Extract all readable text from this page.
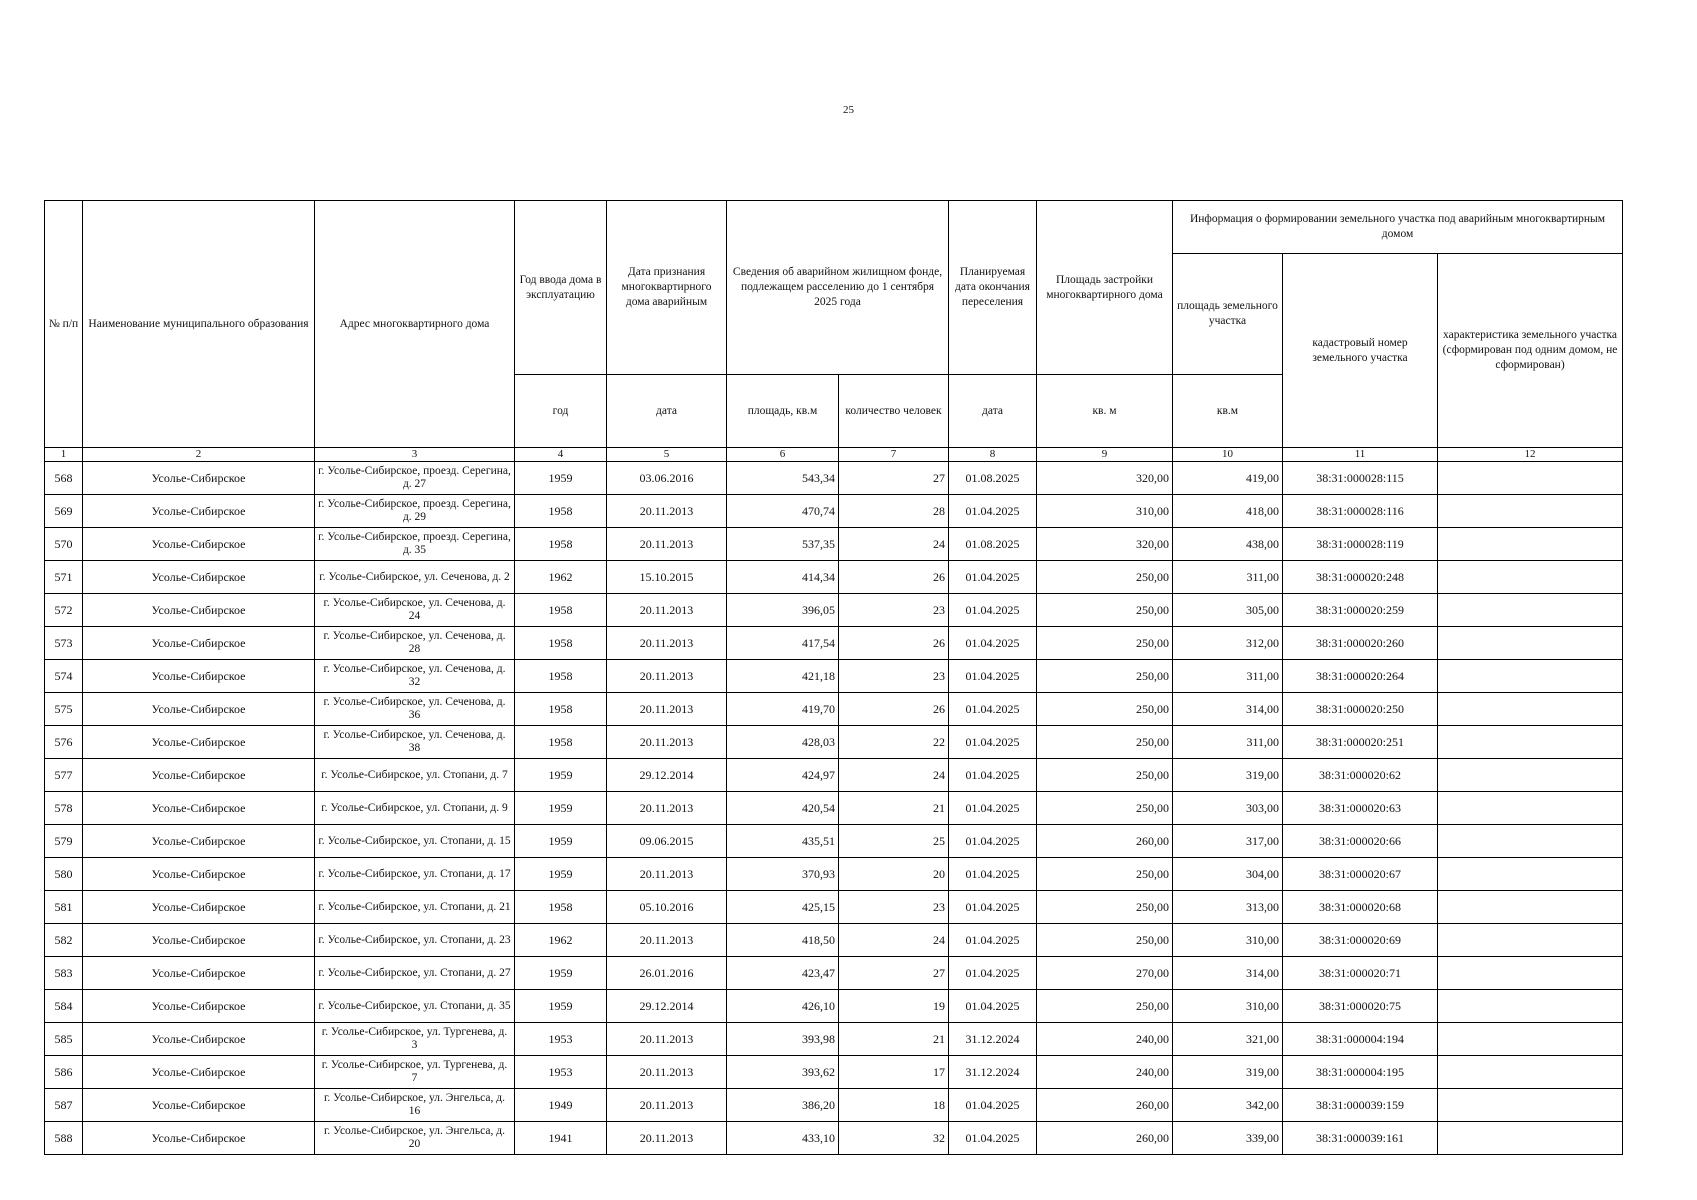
25
№ п/п	Наименование муниципального образования	Адрес многоквартирного дома	Год ввода дома в эксплуатацию	Дата признания многоквартирного дома аварийным	Сведения об аварийном жилищном фонде, подлежащем расселению до 1 сентября 2025 года		Планируемая дата окончания переселения	Площадь застройки многоквартирного дома	Информация о формировании земельного участка под аварийным многоквартирным домом		
									площадь земельного участка	кадастровый номер земельного участка	характеристика земельного участка (сформирован под одним домом, не сформирован)
			год	дата	площадь, кв.м	количество человек	дата	кв. м	кв.м		
1	2	3	4	5	6	7	8	9	10	11	12
568	Усолье-Сибирское	г. Усолье-Сибирское, проезд. Серегина, д. 27	1959	03.06.2016	543,34	27	01.08.2025	320,00	419,00	38:31:000028:115	
569	Усолье-Сибирское	г. Усолье-Сибирское, проезд. Серегина, д. 29	1958	20.11.2013	470,74	28	01.04.2025	310,00	418,00	38:31:000028:116	
570	Усолье-Сибирское	г. Усолье-Сибирское, проезд. Серегина, д. 35	1958	20.11.2013	537,35	24	01.08.2025	320,00	438,00	38:31:000028:119	
571	Усолье-Сибирское	г. Усолье-Сибирское, ул. Сеченова, д. 2	1962	15.10.2015	414,34	26	01.04.2025	250,00	311,00	38:31:000020:248	
572	Усолье-Сибирское	г. Усолье-Сибирское, ул. Сеченова, д. 24	1958	20.11.2013	396,05	23	01.04.2025	250,00	305,00	38:31:000020:259	
573	Усолье-Сибирское	г. Усолье-Сибирское, ул. Сеченова, д. 28	1958	20.11.2013	417,54	26	01.04.2025	250,00	312,00	38:31:000020:260	
574	Усолье-Сибирское	г. Усолье-Сибирское, ул. Сеченова, д. 32	1958	20.11.2013	421,18	23	01.04.2025	250,00	311,00	38:31:000020:264	
575	Усолье-Сибирское	г. Усолье-Сибирское, ул. Сеченова, д. 36	1958	20.11.2013	419,70	26	01.04.2025	250,00	314,00	38:31:000020:250	
576	Усолье-Сибирское	г. Усолье-Сибирское, ул. Сеченова, д. 38	1958	20.11.2013	428,03	22	01.04.2025	250,00	311,00	38:31:000020:251	
577	Усолье-Сибирское	г. Усолье-Сибирское, ул. Стопани, д. 7	1959	29.12.2014	424,97	24	01.04.2025	250,00	319,00	38:31:000020:62	
578	Усолье-Сибирское	г. Усолье-Сибирское, ул. Стопани, д. 9	1959	20.11.2013	420,54	21	01.04.2025	250,00	303,00	38:31:000020:63	
579	Усолье-Сибирское	г. Усолье-Сибирское, ул. Стопани, д. 15	1959	09.06.2015	435,51	25	01.04.2025	260,00	317,00	38:31:000020:66	
580	Усолье-Сибирское	г. Усолье-Сибирское, ул. Стопани, д. 17	1959	20.11.2013	370,93	20	01.04.2025	250,00	304,00	38:31:000020:67	
581	Усолье-Сибирское	г. Усолье-Сибирское, ул. Стопани, д. 21	1958	05.10.2016	425,15	23	01.04.2025	250,00	313,00	38:31:000020:68	
582	Усолье-Сибирское	г. Усолье-Сибирское, ул. Стопани, д. 23	1962	20.11.2013	418,50	24	01.04.2025	250,00	310,00	38:31:000020:69	
583	Усолье-Сибирское	г. Усолье-Сибирское, ул. Стопани, д. 27	1959	26.01.2016	423,47	27	01.04.2025	270,00	314,00	38:31:000020:71	
584	Усолье-Сибирское	г. Усолье-Сибирское, ул. Стопани, д. 35	1959	29.12.2014	426,10	19	01.04.2025	250,00	310,00	38:31:000020:75	
585	Усолье-Сибирское	г. Усолье-Сибирское, ул. Тургенева, д. 3	1953	20.11.2013	393,98	21	31.12.2024	240,00	321,00	38:31:000004:194	
586	Усолье-Сибирское	г. Усолье-Сибирское, ул. Тургенева, д. 7	1953	20.11.2013	393,62	17	31.12.2024	240,00	319,00	38:31:000004:195	
587	Усолье-Сибирское	г. Усолье-Сибирское, ул. Энгельса, д. 16	1949	20.11.2013	386,20	18	01.04.2025	260,00	342,00	38:31:000039:159	
588	Усолье-Сибирское	г. Усолье-Сибирское, ул. Энгельса, д. 20	1941	20.11.2013	433,10	32	01.04.2025	260,00	339,00	38:31:000039:161	
